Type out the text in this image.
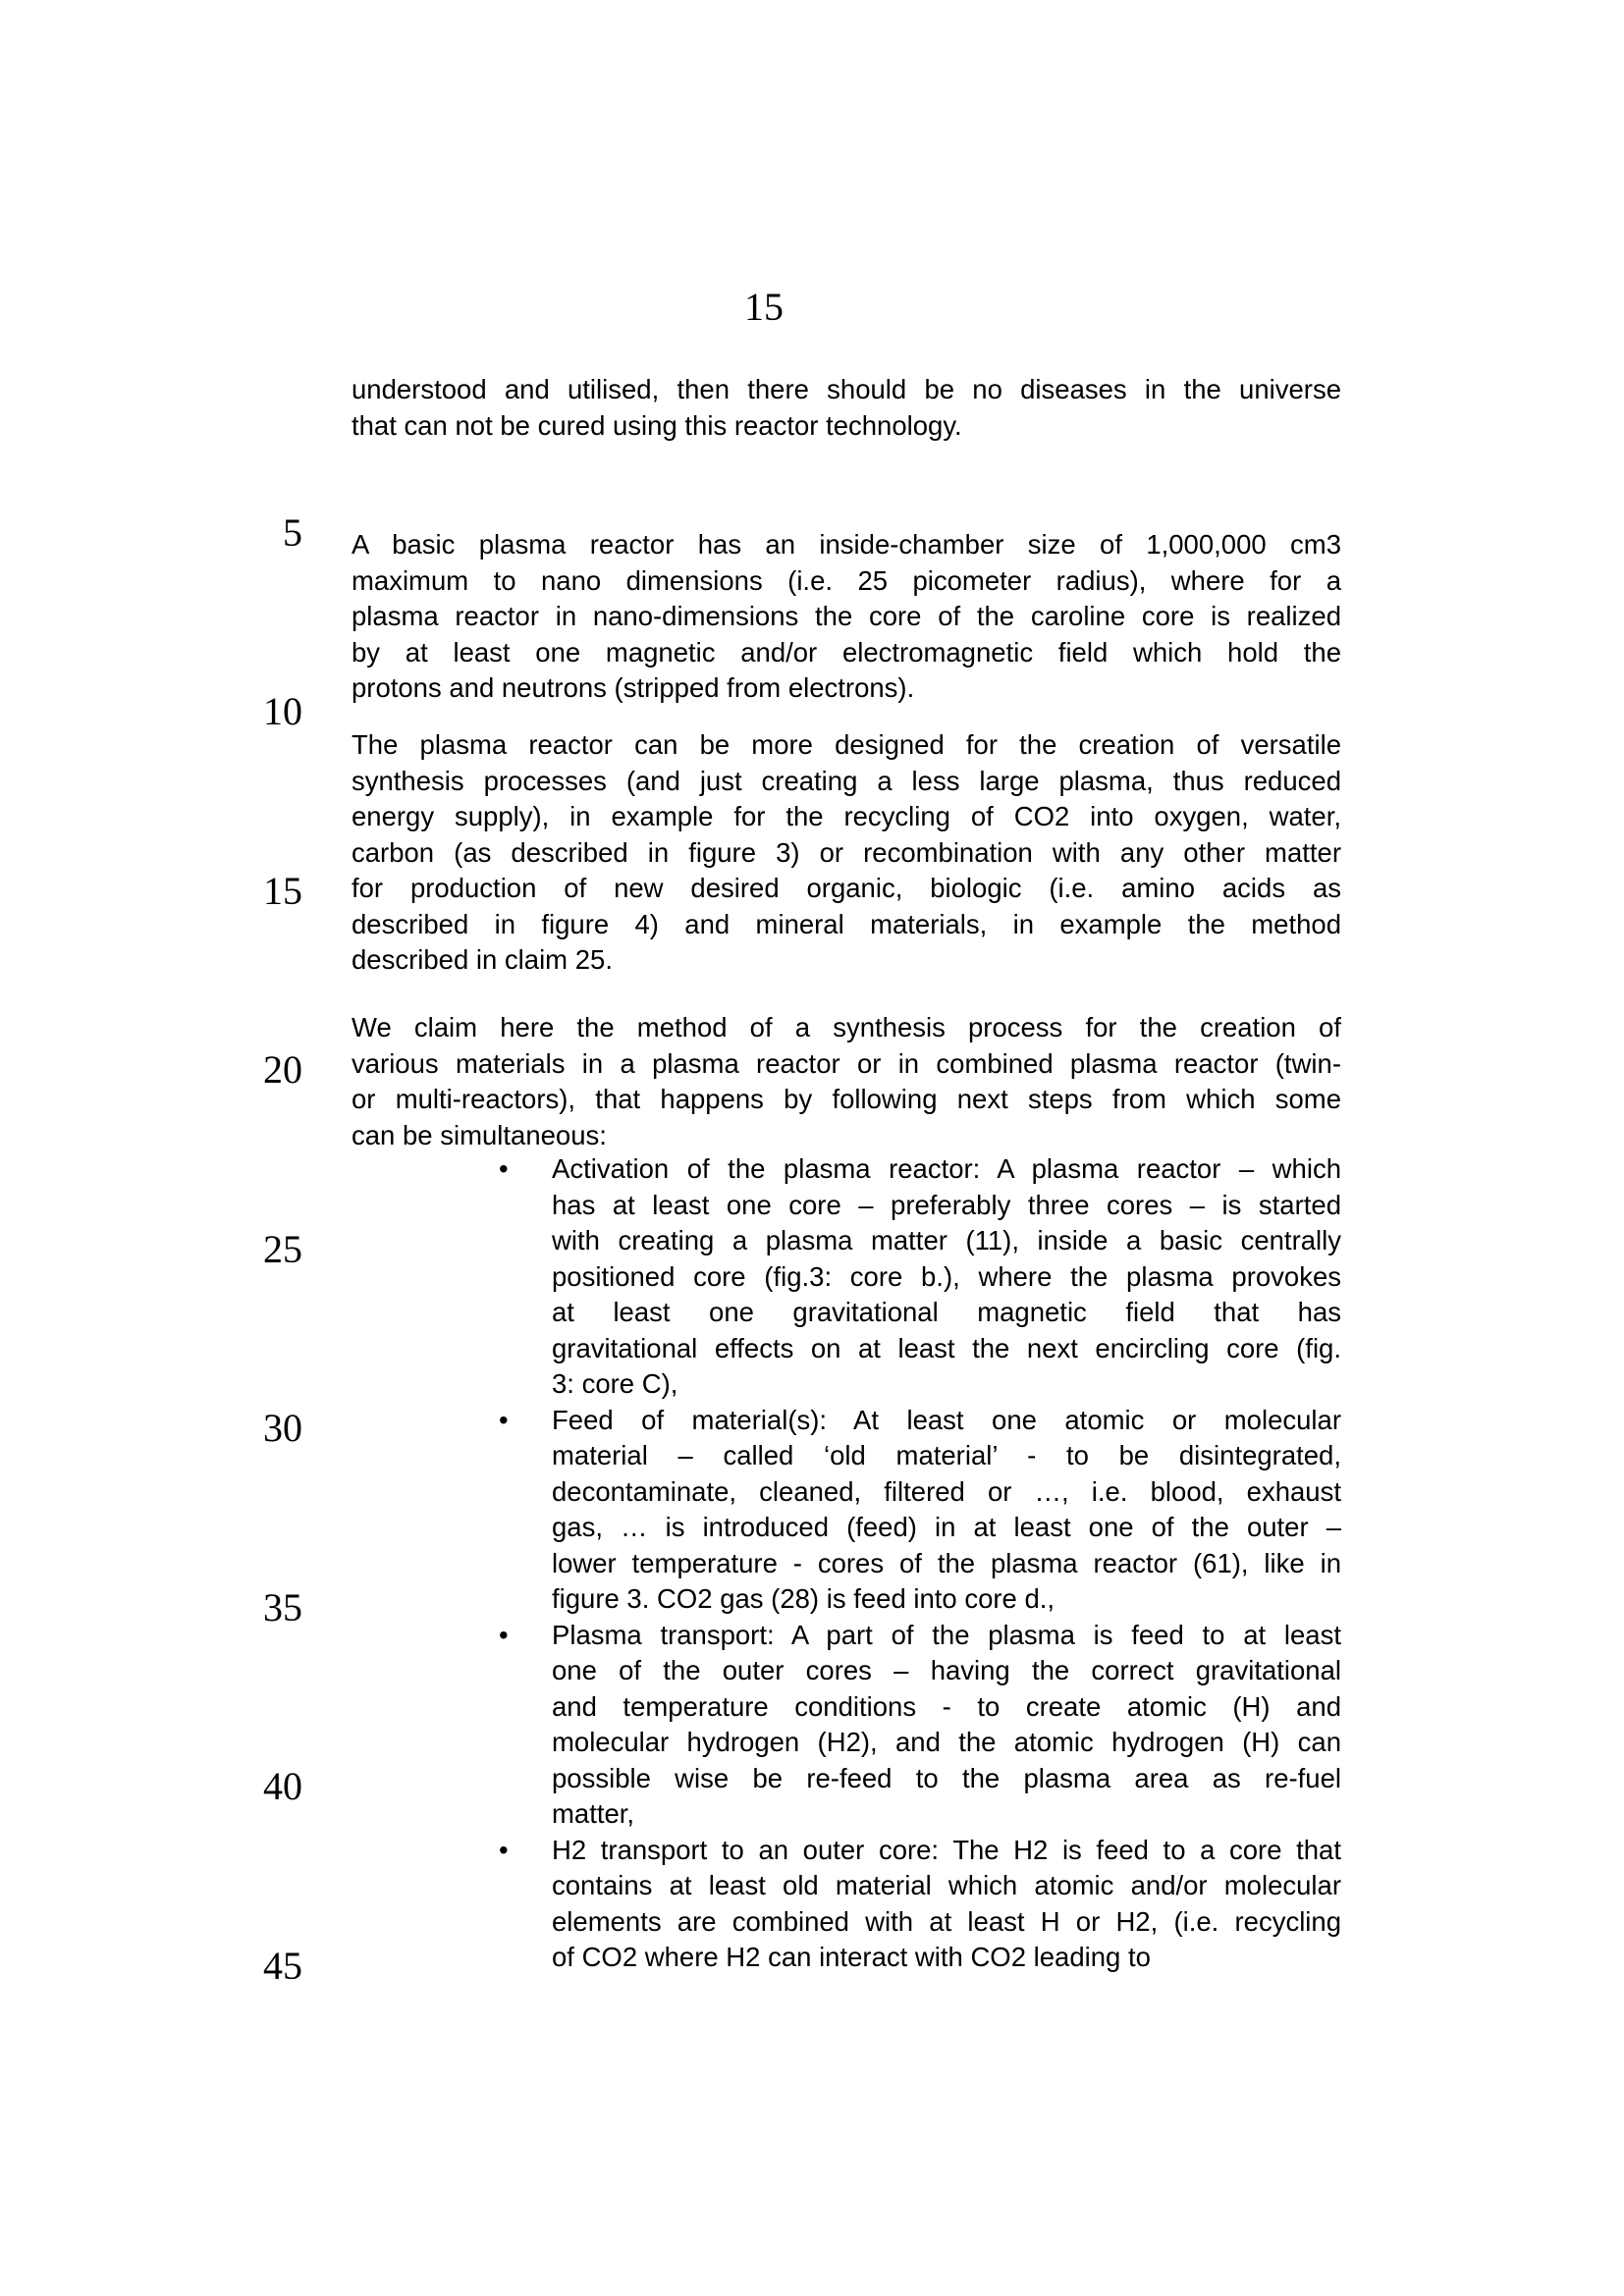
15
5
10
15
20
25
30
35
40
45
understood and utilised, then there should be no diseases in the universe
that can not be cured using this reactor technology.
A basic plasma reactor has an inside-chamber size of 1,000,000 cm3
maximum to nano dimensions (i.e. 25 picometer radius), where for a
plasma reactor in nano-dimensions the core of the caroline core is realized
by at least one magnetic and/or electromagnetic field which hold the
protons and neutrons (stripped from electrons).
The plasma reactor can be more designed for the creation of versatile
synthesis processes (and just creating a less large plasma, thus reduced
energy supply), in example for the recycling of CO2 into oxygen, water,
carbon (as described in figure 3) or recombination with any other matter
for production of new desired organic, biologic (i.e. amino acids as
described in figure 4) and mineral materials, in example the method
described in claim 25.
We claim here the method of a synthesis process for the creation of
various materials in a plasma reactor or in combined plasma reactor (twin-
or multi-reactors), that happens by following next steps from which some
can be simultaneous:
• Activation of the plasma reactor: A plasma reactor – which
has at least one core – preferably three cores – is started
with creating a plasma matter (11), inside a basic centrally
positioned core (fig.3: core b.), where the plasma provokes
at least one gravitational magnetic field that has
gravitational effects on at least the next encircling core (fig.
3: core C),
• Feed of material(s): At least one atomic or molecular
material – called ‘old material’ - to be disintegrated,
decontaminate, cleaned, filtered or …, i.e. blood, exhaust
gas, … is introduced (feed) in at least one of the outer –
lower temperature - cores of the plasma reactor (61), like in
figure 3. CO2 gas (28) is feed into core d.,
• Plasma transport: A part of the plasma is feed to at least
one of the outer cores – having the correct gravitational
and temperature conditions - to create atomic (H) and
molecular hydrogen (H2), and the atomic hydrogen (H) can
possible wise be re-feed to the plasma area as re-fuel
matter,
• H2 transport to an outer core: The H2 is feed to a core that
contains at least old material which atomic and/or molecular
elements are combined with at least H or H2, (i.e. recycling
of CO2 where H2 can interact with CO2 leading to
